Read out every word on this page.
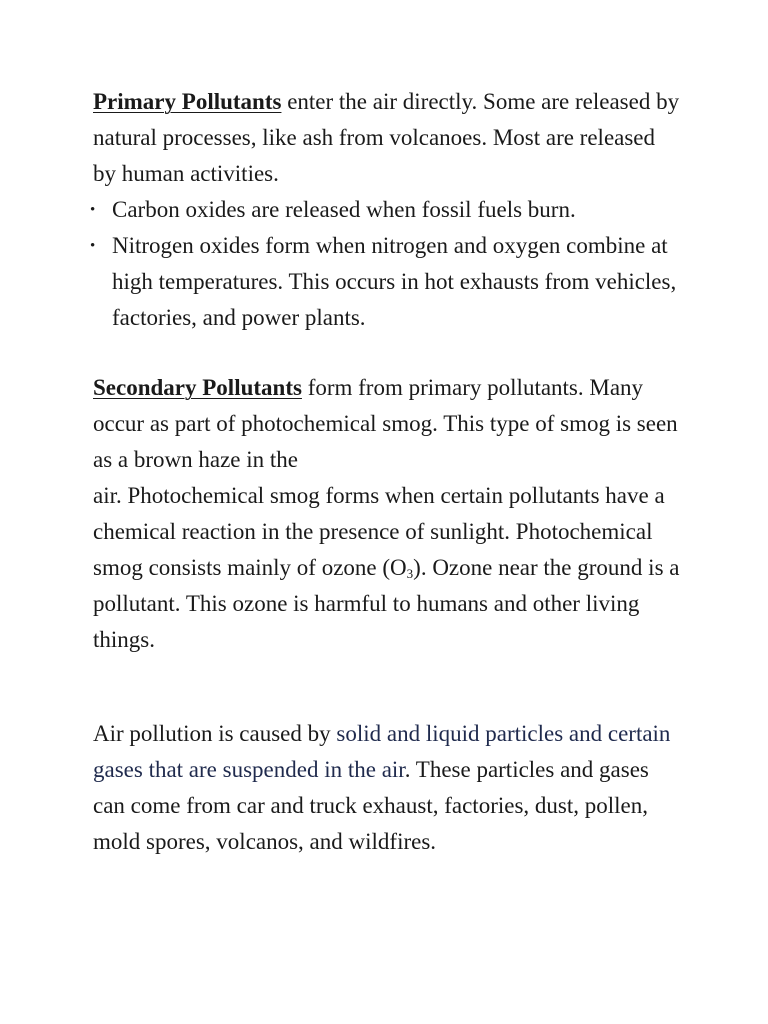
Primary Pollutants enter the air directly. Some are released by natural processes, like ash from volcanoes. Most are released by human activities.

• Carbon oxides are released when fossil fuels burn.
• Nitrogen oxides form when nitrogen and oxygen combine at high temperatures. This occurs in hot exhausts from vehicles, factories, and power plants.

Secondary Pollutants form from primary pollutants. Many occur as part of photochemical smog. This type of smog is seen as a brown haze in the
air. Photochemical smog forms when certain pollutants have a chemical reaction in the presence of sunlight. Photochemical smog consists mainly of ozone $(O_3)$. Ozone near the ground is a pollutant. This ozone is harmful to humans and other living things.

Air pollution is caused by solid and liquid particles and certain gases that are suspended in the air. These particles and gases can come from car and truck exhaust, factories, dust, pollen, mold spores, volcanos, and wildfires.
